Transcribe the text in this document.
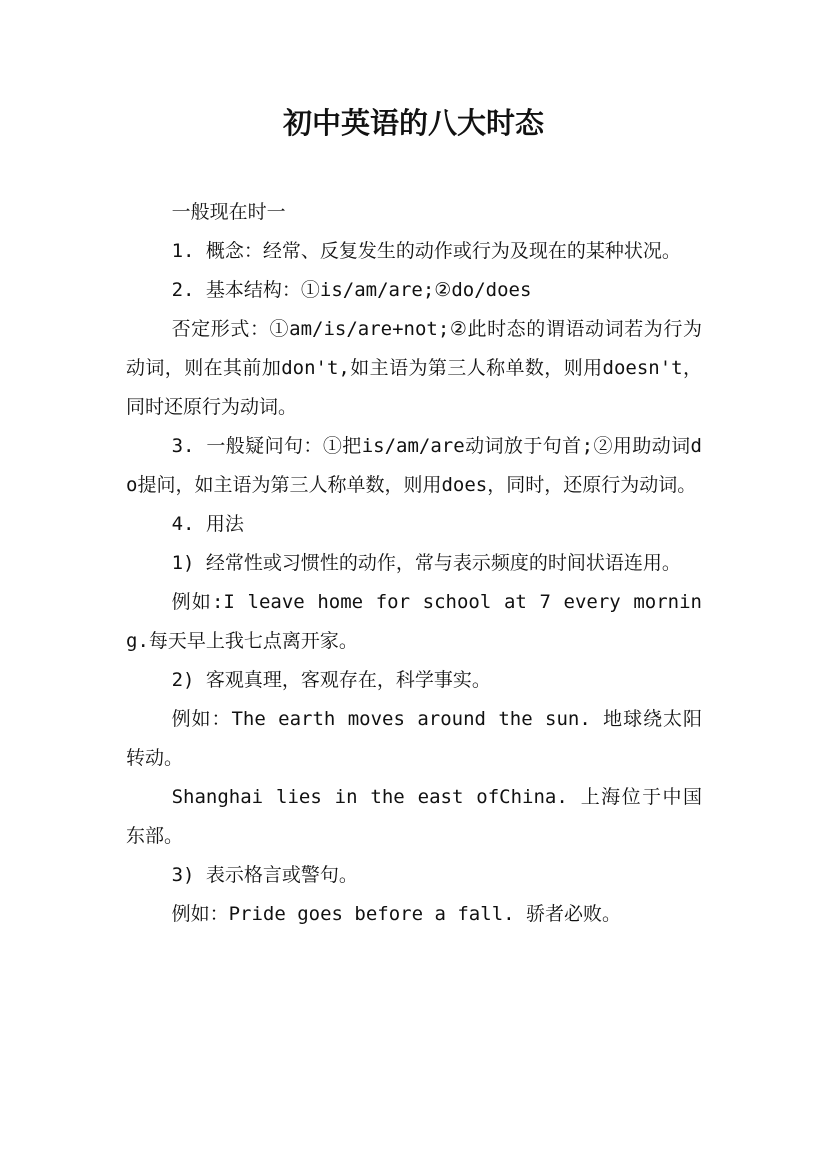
初中英语的八大时态

一般现在时一

1. 概念：经常、反复发生的动作或行为及现在的某种状况。

2. 基本结构：①is/am/are;②do/does

否定形式：①am/is/are+not;②此时态的谓语动词若为行为动词，则在其前加don't,如主语为第三人称单数，则用doesn't，同时还原行为动词。

3. 一般疑问句：①把is/am/are动词放于句首;②用助动词do提问，如主语为第三人称单数，则用does，同时，还原行为动词。

4. 用法

1) 经常性或习惯性的动作，常与表示频度的时间状语连用。

例如:I leave home for school at 7 every morning.每天早上我七点离开家。

2) 客观真理，客观存在，科学事实。

例如：The earth moves around the sun. 地球绕太阳转动。

Shanghai lies in the east ofChina. 上海位于中国东部。

3) 表示格言或警句。

例如：Pride goes before a fall. 骄者必败。
